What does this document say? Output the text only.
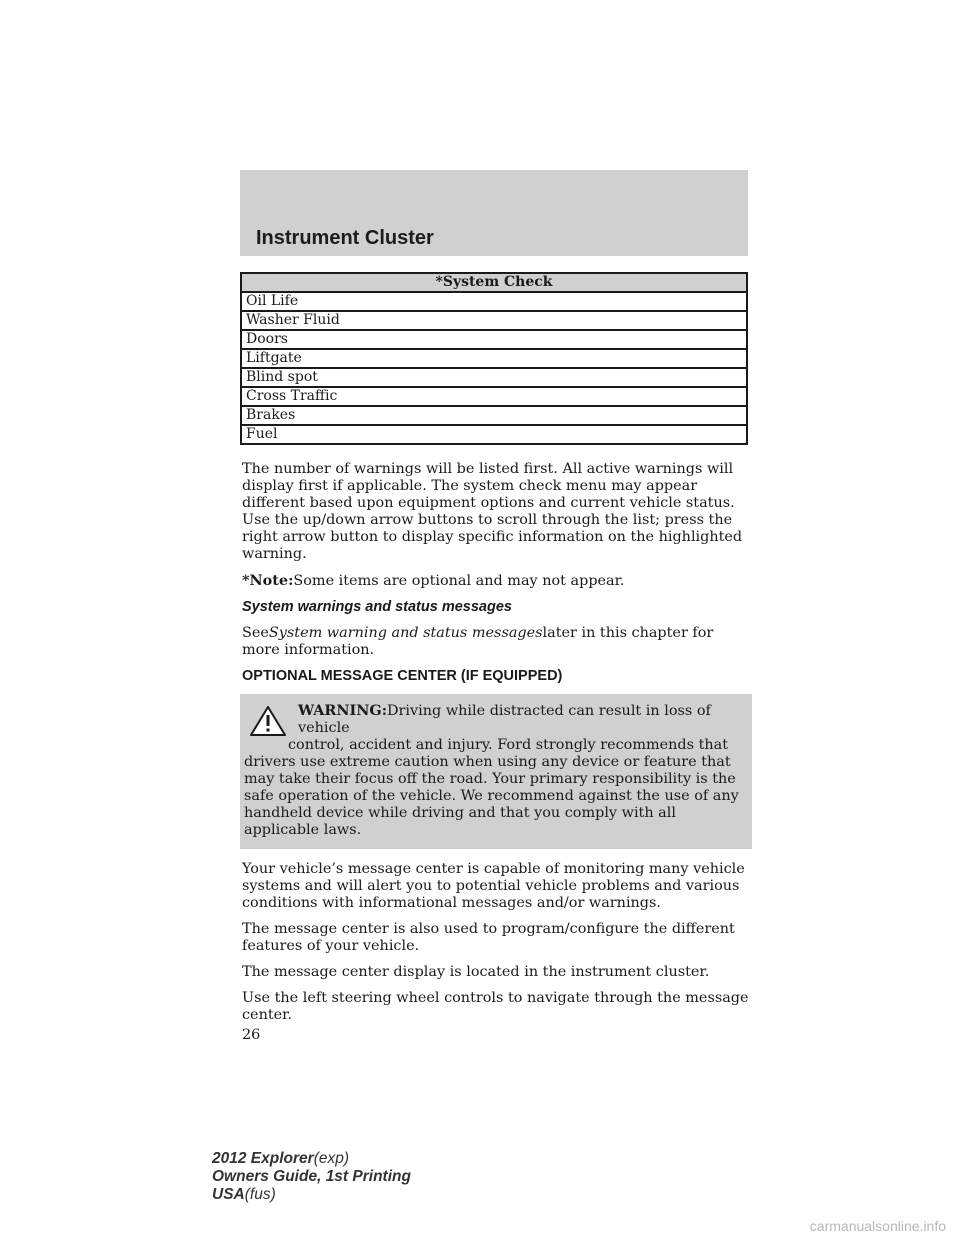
Instrument Cluster
*System Check
Oil Life
Washer Fluid
Doors
Liftgate
Blind spot
Cross Traffic
Brakes
Fuel

The number of warnings will be listed first. All active warnings will display first if applicable. The system check menu may appear different based upon equipment options and current vehicle status. Use the up/down arrow buttons to scroll through the list; press the right arrow button to display specific information on the highlighted warning.

*Note:Some items are optional and may not appear.

System warnings and status messages

SeeSystem warning and status messageslater in this chapter for more information.

OPTIONAL MESSAGE CENTER (IF EQUIPPED)

WARNING:Driving while distracted can result in loss of vehicle
control, accident and injury. Ford strongly recommends that
drivers use extreme caution when using any device or feature that may take their focus off the road. Your primary responsibility is the safe operation of the vehicle. We recommend against the use of any handheld device while driving and that you comply with all applicable laws.

Your vehicle’s message center is capable of monitoring many vehicle systems and will alert you to potential vehicle problems and various conditions with informational messages and/or warnings.

The message center is also used to program/configure the different features of your vehicle.

The message center display is located in the instrument cluster.

Use the left steering wheel controls to navigate through the message center.

26

2012 Explorer(exp)
Owners Guide, 1st Printing
USA(fus)
carmanualsonline.info
